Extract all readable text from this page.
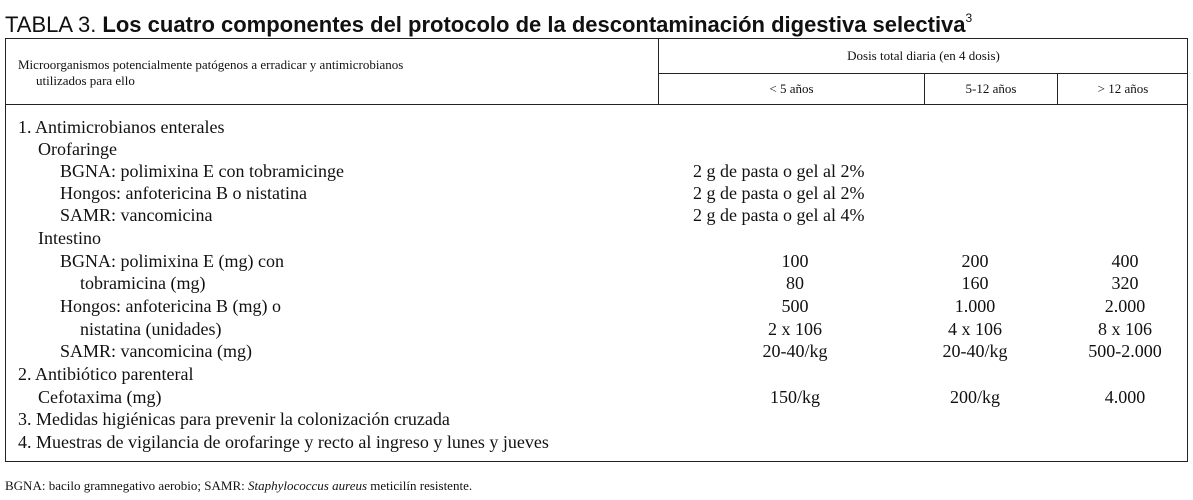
TABLA 3. Los cuatro componentes del protocolo de la descontaminación digestiva selectiva$^3$
Microorganismos potencialmente patógenos a erradicar y antimicrobianos
utilizados para ello
Dosis total diaria (en 4 dosis)
< 5 años	5-12 años	> 12 años
1. Antimicrobianos enterales
Orofaringe
BGNA: polimixina E con tobramicinge	2 g de pasta o gel al 2%
Hongos: anfotericina B o nistatina	2 g de pasta o gel al 2%
SAMR: vancomicina	2 g de pasta o gel al 4%
Intestino
BGNA: polimixina E (mg) con	100	200	400
tobramicina (mg)	80	160	320
Hongos: anfotericina B (mg) o	500	1.000	2.000
nistatina (unidades)	2 x 106	4 x 106	8 x 106
SAMR: vancomicina (mg)	20-40/kg	20-40/kg	500-2.000
2. Antibiótico parenteral
Cefotaxima (mg)	150/kg	200/kg	4.000
3. Medidas higiénicas para prevenir la colonización cruzada
4. Muestras de vigilancia de orofaringe y recto al ingreso y lunes y jueves
BGNA: bacilo gramnegativo aerobio; SAMR: Staphylococcus aureus meticilín resistente.
